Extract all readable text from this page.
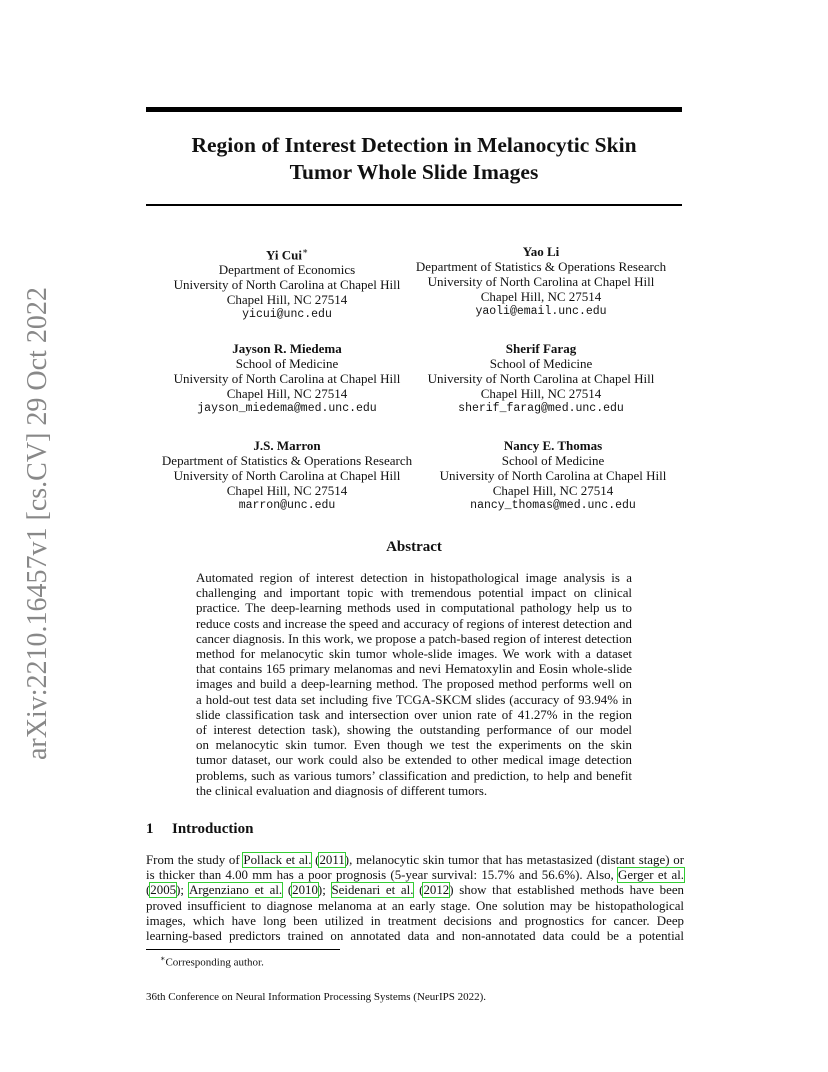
arXiv:2210.16457v1 [cs.CV] 29 Oct 2022
Region of Interest Detection in Melanocytic Skin
Tumor Whole Slide Images
Yi Cui∗
Department of Economics
University of North Carolina at Chapel Hill
Chapel Hill, NC 27514
yicui@unc.edu
Yao Li
Department of Statistics & Operations Research
University of North Carolina at Chapel Hill
Chapel Hill, NC 27514
yaoli@email.unc.edu
Jayson R. Miedema
School of Medicine
University of North Carolina at Chapel Hill
Chapel Hill, NC 27514
jayson_miedema@med.unc.edu
Sherif Farag
School of Medicine
University of North Carolina at Chapel Hill
Chapel Hill, NC 27514
sherif_farag@med.unc.edu
J.S. Marron
Department of Statistics & Operations Research
University of North Carolina at Chapel Hill
Chapel Hill, NC 27514
marron@unc.edu
Nancy E. Thomas
School of Medicine
University of North Carolina at Chapel Hill
Chapel Hill, NC 27514
nancy_thomas@med.unc.edu
Abstract
Automated region of interest detection in histopathological image analysis is a
challenging and important topic with tremendous potential impact on clinical
practice. The deep-learning methods used in computational pathology help us to
reduce costs and increase the speed and accuracy of regions of interest detection and
cancer diagnosis. In this work, we propose a patch-based region of interest detection
method for melanocytic skin tumor whole-slide images. We work with a dataset
that contains 165 primary melanomas and nevi Hematoxylin and Eosin whole-slide
images and build a deep-learning method. The proposed method performs well on
a hold-out test data set including five TCGA-SKCM slides (accuracy of 93.94% in
slide classification task and intersection over union rate of 41.27% in the region
of interest detection task), showing the outstanding performance of our model
on melanocytic skin tumor. Even though we test the experiments on the skin
tumor dataset, our work could also be extended to other medical image detection
problems, such as various tumors’ classification and prediction, to help and benefit
the clinical evaluation and diagnosis of different tumors.
1 Introduction
From the study of Pollack et al. (2011), melanocytic skin tumor that has metastasized (distant stage) or
is thicker than 4.00 mm has a poor prognosis (5-year survival: 15.7% and 56.6%). Also, Gerger et al.
(2005); Argenziano et al. (2010); Seidenari et al. (2012) show that established methods have been
proved insufficient to diagnose melanoma at an early stage. One solution may be histopathological
images, which have long been utilized in treatment decisions and prognostics for cancer. Deep
learning-based predictors trained on annotated data and non-annotated data could be a potential
∗Corresponding author.
36th Conference on Neural Information Processing Systems (NeurIPS 2022).
